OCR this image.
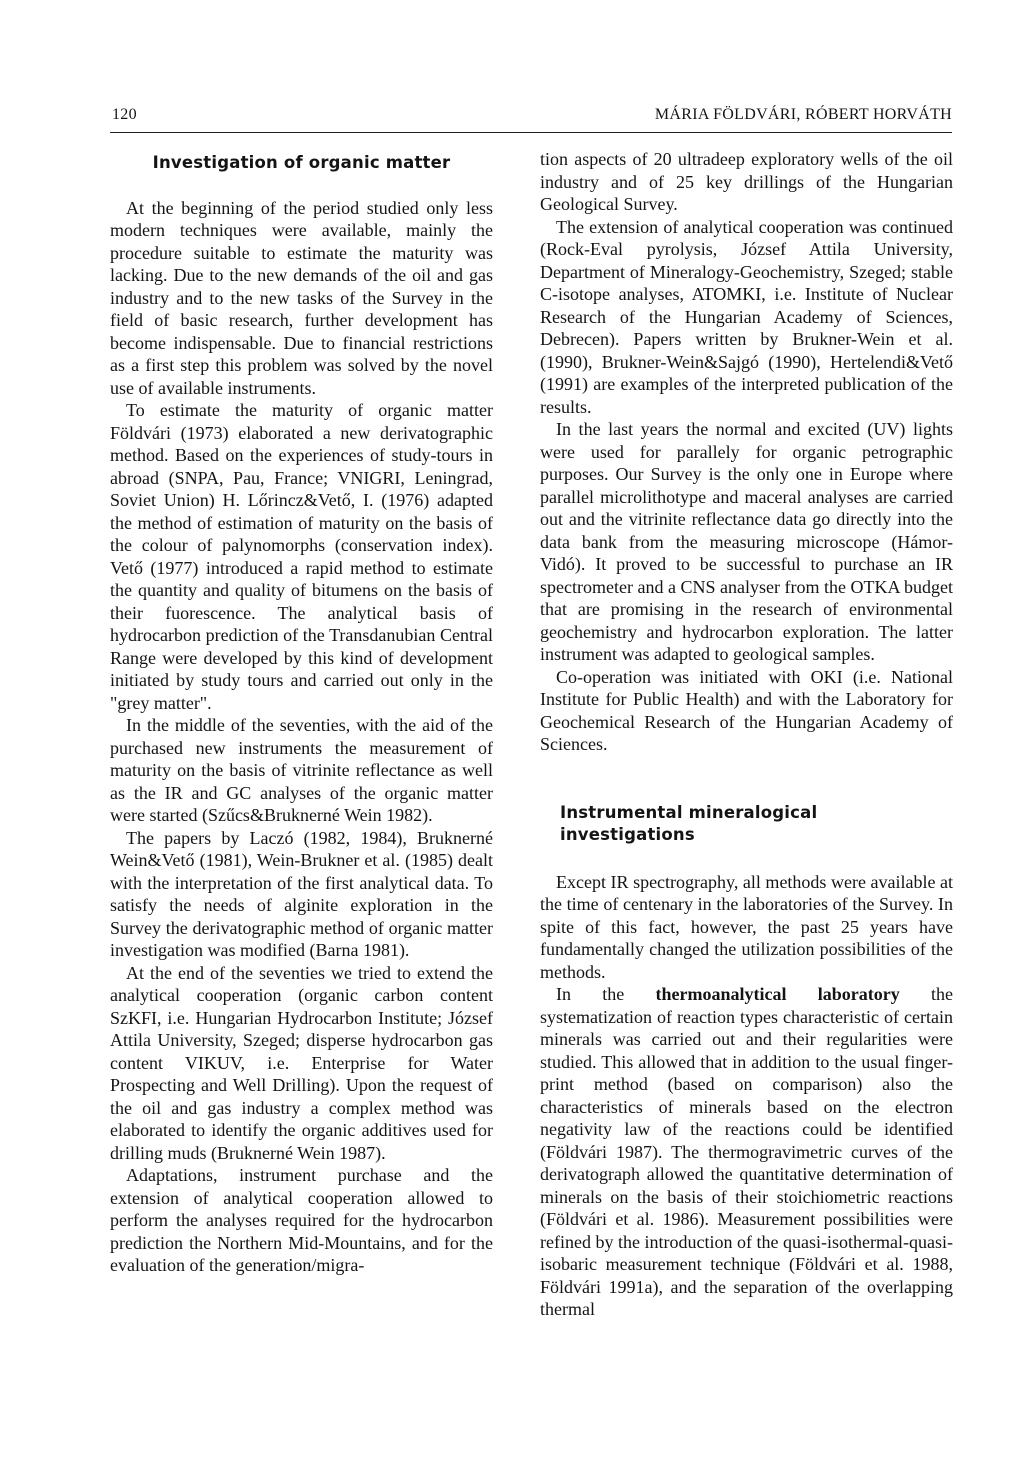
120	MÁRIA FÖLDVÁRI, RÓBERT HORVÁTH
Investigation of organic matter

At the beginning of the period studied only less modern techniques were available, mainly the procedure suitable to estimate the maturity was lacking. Due to the new demands of the oil and gas industry and to the new tasks of the Survey in the field of basic research, further development has become indispensable. Due to financial restrictions as a first step this problem was solved by the novel use of available instruments.

To estimate the maturity of organic matter Földvári (1973) elaborated a new derivatographic method. Based on the experiences of study-tours in abroad (SNPA, Pau, France; VNIGRI, Leningrad, Soviet Union) H. Lőrincz&Vető, I. (1976) adapted the method of estimation of maturity on the basis of the colour of palynomorphs (conservation index). Vető (1977) introduced a rapid method to estimate the quantity and quality of bitumens on the basis of their fuorescence. The analytical basis of hydrocarbon prediction of the Transdanubian Central Range were developed by this kind of development initiated by study tours and carried out only in the "grey matter".

In the middle of the seventies, with the aid of the purchased new instruments the measurement of maturity on the basis of vitrinite reflectance as well as the IR and GC analyses of the organic matter were started (Szűcs&Bruknerné Wein 1982).

The papers by Laczó (1982, 1984), Bruknerné Wein&Vető (1981), Wein-Brukner et al. (1985) dealt with the interpretation of the first analytical data. To satisfy the needs of alginite exploration in the Survey the derivatographic method of organic matter investigation was modified (Barna 1981).

At the end of the seventies we tried to extend the analytical cooperation (organic carbon content SzKFI, i.e. Hungarian Hydrocarbon Institute; József Attila University, Szeged; disperse hydrocarbon gas content VIKUV, i.e. Enterprise for Water Prospecting and Well Drilling). Upon the request of the oil and gas industry a complex method was elaborated to identify the organic additives used for drilling muds (Bruknerné Wein 1987).

Adaptations, instrument purchase and the extension of analytical cooperation allowed to perform the analyses required for the hydrocarbon prediction the Northern Mid-Mountains, and for the evaluation of the generation/migra-

tion aspects of 20 ultradeep exploratory wells of the oil industry and of 25 key drillings of the Hungarian Geological Survey.

The extension of analytical cooperation was continued (Rock-Eval pyrolysis, József Attila University, Department of Mineralogy-Geochemistry, Szeged; stable C-isotope analyses, ATOMKI, i.e. Institute of Nuclear Research of the Hungarian Academy of Sciences, Debrecen). Papers written by Brukner-Wein et al. (1990), Brukner-Wein&Sajgó (1990), Hertelendi&Vető (1991) are examples of the interpreted publication of the results.

In the last years the normal and excited (UV) lights were used for parallely for organic petrographic purposes. Our Survey is the only one in Europe where parallel microlithotype and maceral analyses are carried out and the vitrinite reflectance data go directly into the data bank from the measuring microscope (Hámor-Vidó). It proved to be successful to purchase an IR spectrometer and a CNS analyser from the OTKA budget that are promising in the research of environmental geochemistry and hydrocarbon exploration. The latter instrument was adapted to geological samples.

Co-operation was initiated with OKI (i.e. National Institute for Public Health) and with the Laboratory for Geochemical Research of the Hungarian Academy of Sciences.

Instrumental mineralogical investigations

Except IR spectrography, all methods were available at the time of centenary in the laboratories of the Survey. In spite of this fact, however, the past 25 years have fundamentally changed the utilization possibilities of the methods.

In the thermoanalytical laboratory the systematization of reaction types characteristic of certain minerals was carried out and their regularities were studied. This allowed that in addition to the usual finger-print method (based on comparison) also the characteristics of minerals based on the electron negativity law of the reactions could be identified (Földvári 1987). The thermogravimetric curves of the derivatograph allowed the quantitative determination of minerals on the basis of their stoichiometric reactions (Földvári et al. 1986). Measurement possibilities were refined by the introduction of the quasi-isothermal-quasi-isobaric measurement technique (Földvári et al. 1988, Földvári 1991a), and the separation of the overlapping thermal
